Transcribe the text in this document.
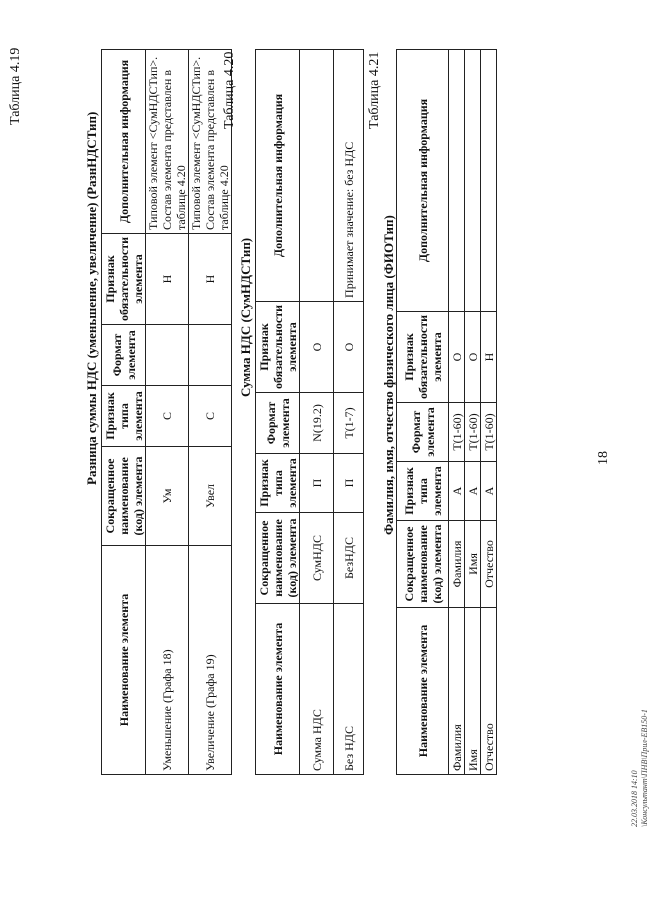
18
Таблица 4.19
Разница суммы НДС (уменьшение, увеличение) (РазнНДСТип)
Наименование элемента	Сокращенное наименование (код) элемента	Признак типа элемента	Формат элемента	Признак обязательности элемента	Дополнительная информация
Уменьшение (Графа 18)	Ум	С		Н	Типовой элемент <СумНДСТип>. Состав элемента представлен в таблице 4.20

Увеличение (Графа 19)	Увел	С		Н	Типовой элемент <СумНДСТип>. Состав элемента представлен в таблице 4.20
Таблица 4.20
Сумма НДС (СумНДСТип)
Наименование элемента	Сокращенное наименование (код) элемента	Признак типа элемента	Формат элемента	Признак обязательности элемента	Дополнительная информация
Сумма НДС	СумНДС	П	N(19.2)	О	
Без НДС	БезНДС	П	T(1-7)	О	Принимает значение: без НДС
Таблица 4.21
Фамилия, имя, отчество физического лица (ФИОТип)
Наименование элемента	Сокращенное наименование (код) элемента	Признак типа элемента	Формат элемента	Признак обязательности элемента	Дополнительная информация
Фамилия	Фамилия	А	T(1-60)	О	
Имя	Имя	А	T(1-60)	О	
Отчество	Отчество	А	T(1-60)	Н	
22.03.2018 14:10 \Консультант\ПНВ\Прил-ЕВ150-1
